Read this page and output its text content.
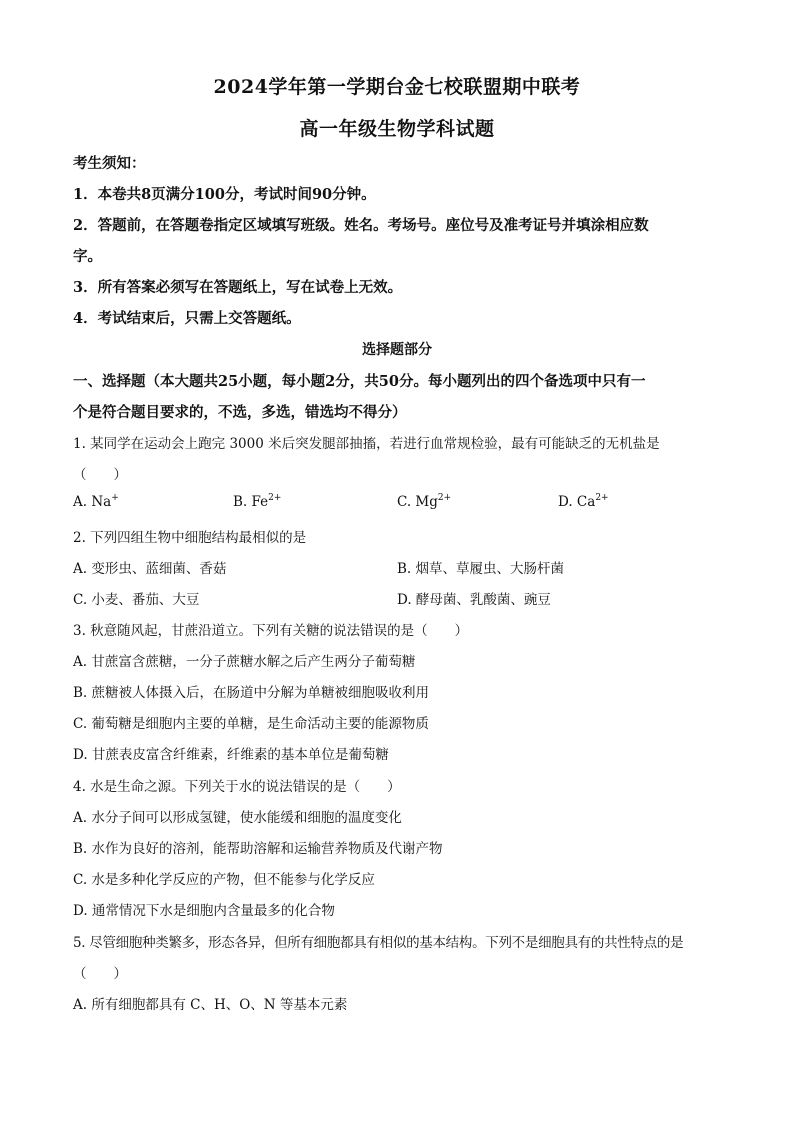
2024学年第一学期台金七校联盟期中联考
高一年级生物学科试题
考生须知：
1．本卷共8页满分100分，考试时间90分钟。
2．答题前，在答题卷指定区域填写班级。姓名。考场号。座位号及准考证号并填涂相应数
字。
3．所有答案必须写在答题纸上，写在试卷上无效。
4．考试结束后，只需上交答题纸。
选择题部分
一、选择题（本大题共25小题，每小题2分，共50分。每小题列出的四个备选项中只有一
个是符合题目要求的，不选，多选，错选均不得分）
1. 某同学在运动会上跑完 3000 米后突发腿部抽搐，若进行血常规检验，最有可能缺乏的无机盐是
（　　）
A. Na+	B. $Fe^{2+}$	C. $Mg^{2+}$	D. $Ca^{2+}$
2. 下列四组生物中细胞结构最相似的是
A. 变形虫、蓝细菌、香菇	B. 烟草、草履虫、大肠杆菌
C. 小麦、番茄、大豆	D. 酵母菌、乳酸菌、豌豆
3. 秋意随风起，甘蔗沿道立。下列有关糖的说法错误的是（　　）
A. 甘蔗富含蔗糖，一分子蔗糖水解之后产生两分子葡萄糖
B. 蔗糖被人体摄入后，在肠道中分解为单糖被细胞吸收利用
C. 葡萄糖是细胞内主要的单糖，是生命活动主要的能源物质
D. 甘蔗表皮富含纤维素，纤维素的基本单位是葡萄糖
4. 水是生命之源。下列关于水的说法错误的是（　　）
A. 水分子间可以形成氢键，使水能缓和细胞的温度变化
B. 水作为良好的溶剂，能帮助溶解和运输营养物质及代谢产物
C. 水是多种化学反应的产物，但不能参与化学反应
D. 通常情况下水是细胞内含量最多的化合物
5. 尽管细胞种类繁多，形态各异，但所有细胞都具有相似的基本结构。下列不是细胞具有的共性特点的是
（　　）
A. 所有细胞都具有 C、H、O、N 等基本元素
